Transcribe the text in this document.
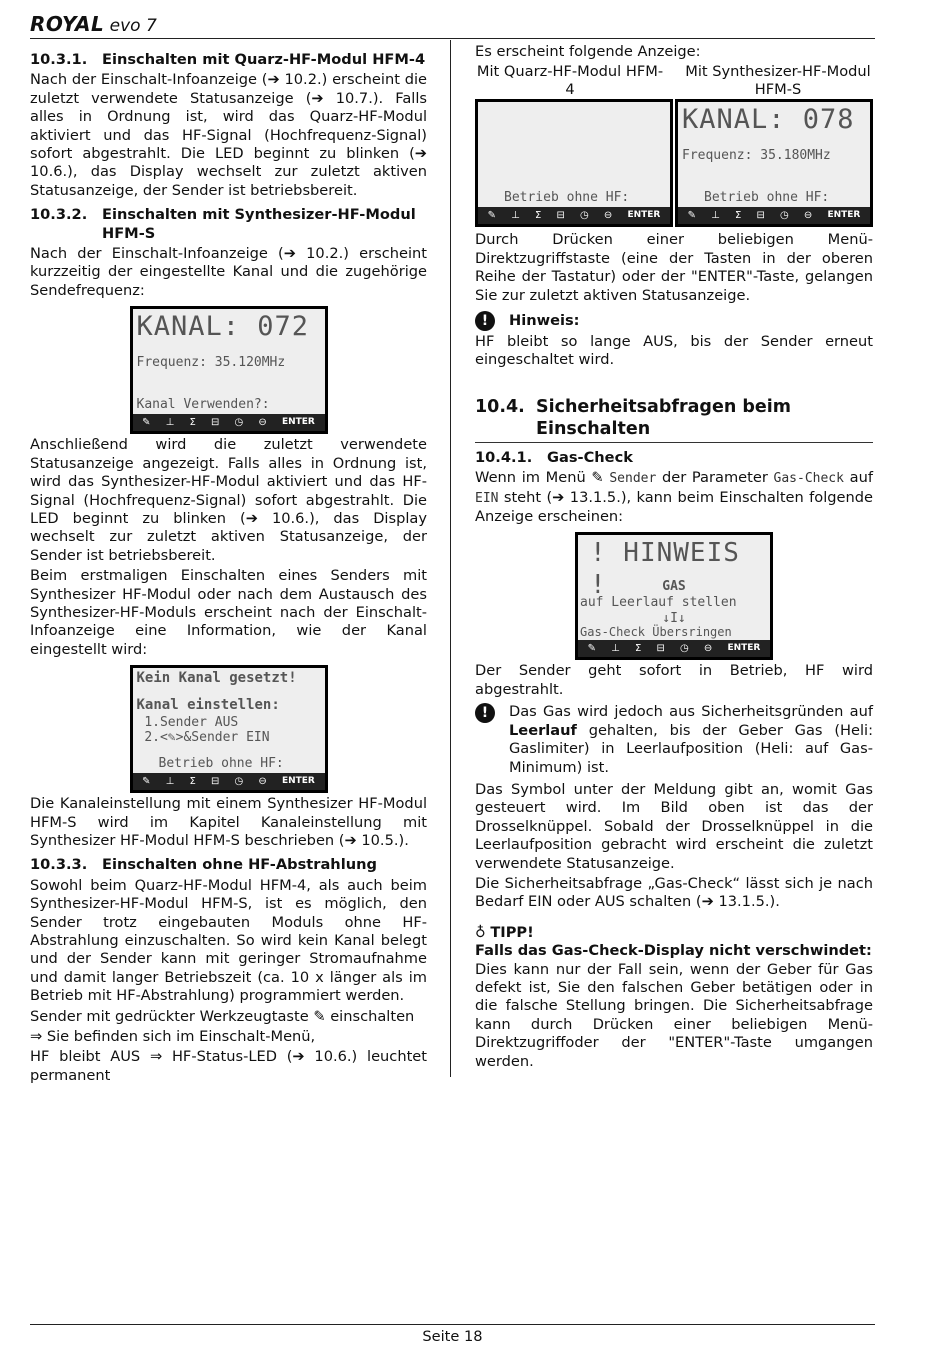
ROYAL evo 7
10.3.1.	Einschalten mit Quarz-HF-Modul HFM-4

Nach der Einschalt-Infoanzeige (➔ 10.2.) erscheint die zuletzt verwendete Statusanzeige (➔ 10.7.). Falls alles in Ordnung ist, wird das Quarz-HF-Modul aktiviert und das HF-Signal (Hochfrequenz-Signal) sofort abgestrahlt. Die LED beginnt zu blinken (➔ 10.6.), das Display wechselt zur zuletzt aktiven Statusanzeige, der Sender ist betriebsbereit.

10.3.2.	Einschalten mit Synthesizer-HF-Modul HFM-S

Nach der Einschalt-Infoanzeige (➔ 10.2.) erscheint kurzzeitig der eingestellte Kanal und die zugehörige Sendefrequenz:

KANAL: 072
Frequenz: 35.120MHz
Kanal Verwenden?:
✎ ⊥ Σ ⊟ ◷ ⊖ ENTER

Anschließend wird die zuletzt verwendete Statusanzeige angezeigt. Falls alles in Ordnung ist, wird das Synthesizer-HF-Modul aktiviert und das HF-Signal (Hochfrequenz-Signal) sofort abgestrahlt. Die LED beginnt zu blinken (➔ 10.6.), das Display wechselt zur zuletzt aktiven Statusanzeige, der Sender ist betriebsbereit.

Beim erstmaligen Einschalten eines Senders mit Synthesizer HF-Modul oder nach dem Austausch des Synthesizer-HF-Moduls erscheint nach der Einschalt-Infoanzeige eine Information, wie der Kanal eingestellt wird:

Kein Kanal gesetzt!
Kanal einstellen:
1.Sender AUS
2.<✎>&Sender EIN
Betrieb ohne HF:
✎ ⊥ Σ ⊟ ◷ ⊖ ENTER

Die Kanaleinstellung mit einem Synthesizer HF-Modul HFM-S wird im Kapitel Kanaleinstellung mit Synthesizer HF-Modul HFM-S beschrieben (➔ 10.5.).

10.3.3.	Einschalten ohne HF-Abstrahlung

Sowohl beim Quarz-HF-Modul HFM-4, als auch beim Synthesizer-HF-Modul HFM-S, ist es möglich, den Sender trotz eingebauten Moduls ohne HF-Abstrahlung einzuschalten. So wird kein Kanal belegt und der Sender kann mit geringer Stromaufnahme und damit langer Betriebszeit (ca. 10 x länger als im Betrieb mit HF-Abstrahlung) programmiert werden.

Sender mit gedrückter Werkzeugtaste ✎ einschalten

⇒ Sie befinden sich im Einschalt-Menü,

HF bleibt AUS ⇒ HF-Status-LED (➔ 10.6.) leuchtet permanent

Es erscheint folgende Anzeige:

Mit Quarz-HF-Modul HFM-4
Mit Synthesizer-HF-Modul HFM-S
Betrieb ohne HF:
✎ ⊥ Σ ⊟ ◷ ⊖ ENTER
KANAL: 078
Frequenz: 35.180MHz
Betrieb ohne HF:
✎ ⊥ Σ ⊟ ◷ ⊖ ENTER

Durch Drücken einer beliebigen Menü-Direktzugriffstaste (eine der Tasten in der oberen Reihe der Tastatur) oder der "ENTER"-Taste, gelangen Sie zur zuletzt aktiven Statusanzeige.

!	Hinweis:

HF bleibt so lange AUS, bis der Sender erneut eingeschaltet wird.

10.4. Sicherheitsabfragen beim Einschalten
10.4.1.	Gas-Check

Wenn im Menü ✎ Sender der Parameter Gas-Check auf EIN steht (➔ 13.1.5.), kann beim Einschalten folgende Anzeige erscheinen:

! HINWEIS !	GAS
auf Leerlauf stellen
↓I↓
Gas-Check Übersringen
✎ ⊥ Σ ⊟ ◷ ⊖ ENTER

Der Sender geht sofort in Betrieb, HF wird abgestrahlt.

!	Das Gas wird jedoch aus Sicherheitsgründen auf Leerlauf gehalten, bis der Geber Gas (Heli: Gaslimiter) in Leerlaufposition (Heli: auf Gas-Minimum) ist.

Das Symbol unter der Meldung gibt an, womit Gas gesteuert wird. Im Bild oben ist das der Drosselknüppel. Sobald der Drosselknüppel in die Leerlaufposition gebracht wird erscheint die zuletzt verwendete Statusanzeige.

Die Sicherheitsabfrage „Gas-Check“ lässt sich je nach Bedarf EIN oder AUS schalten (➔ 13.1.5.).

♁ TIPP!
Falls das Gas-Check-Display nicht verschwindet:

Dies kann nur der Fall sein, wenn der Geber für Gas defekt ist, Sie den falschen Geber betätigen oder in die falsche Stellung bringen. Die Sicherheitsabfrage kann durch Drücken einer beliebigen Menü-Direktzugriffoder der "ENTER"-Taste umgangen werden.

Seite 18
